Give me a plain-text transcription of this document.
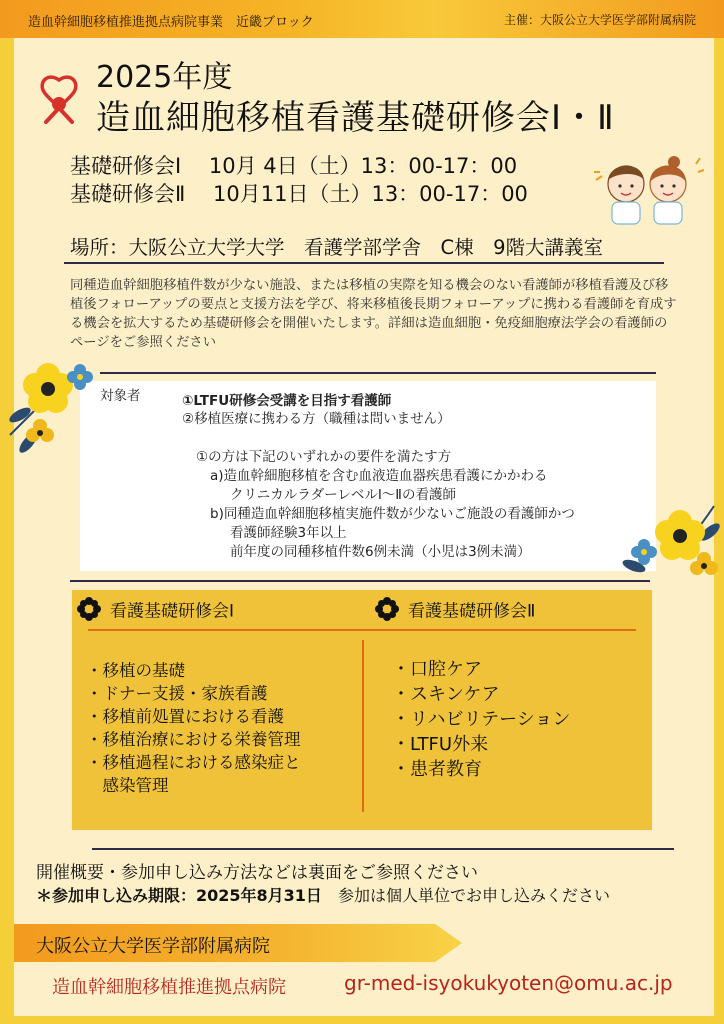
造血幹細胞移植推進拠点病院事業　近畿ブロック	主催：大阪公立大学医学部附属病院
2025年度
造血細胞移植看護基礎研修会Ⅰ・Ⅱ
基礎研修会Ⅰ　 10月 4日（土）13：00-17：00
基礎研修会Ⅱ　 10月11日（土）13：00-17：00
場所：大阪公立大学大学　看護学部学舎　C棟　9階大講義室
同種造血幹細胞移植件数が少ない施設、または移植の実際を知る機会のない看護師が移植看護及び移植後フォローアップの要点と支援方法を学び、将来移植後長期フォローアップに携わる看護師を育成する機会を拡大するため基礎研修会を開催いたします。詳細は造血細胞・免疫細胞療法学会の看護師のページをご参照ください
対象者	①LTFU研修会受講を目指す看護師
②移植医療に携わる方（職種は問いません）
①の方は下記のいずれかの要件を満たす方
a)造血幹細胞移植を含む血液造血器疾患看護にかかわる
クリニカルラダーレベルⅠ～Ⅱの看護師
b)同種造血幹細胞移植実施件数が少ないご施設の看護師かつ
看護師経験3年以上
前年度の同種移植件数6例未満（小児は3例未満）
看護基礎研修会Ⅰ	看護基礎研修会Ⅱ
・移植の基礎
・ドナー支援・家族看護
・移植前処置における看護
・移植治療における栄養管理
・移植過程における感染症と
　感染管理
・口腔ケア
・スキンケア
・リハビリテーション
・LTFU外来
・患者教育
開催概要・参加申し込み方法などは裏面をご参照ください
＊参加申し込み期限：2025年8月31日　参加は個人単位でお申し込みください
大阪公立大学医学部附属病院
造血幹細胞移植推進拠点病院	gr-med-isyokukyoten@omu.ac.jp
